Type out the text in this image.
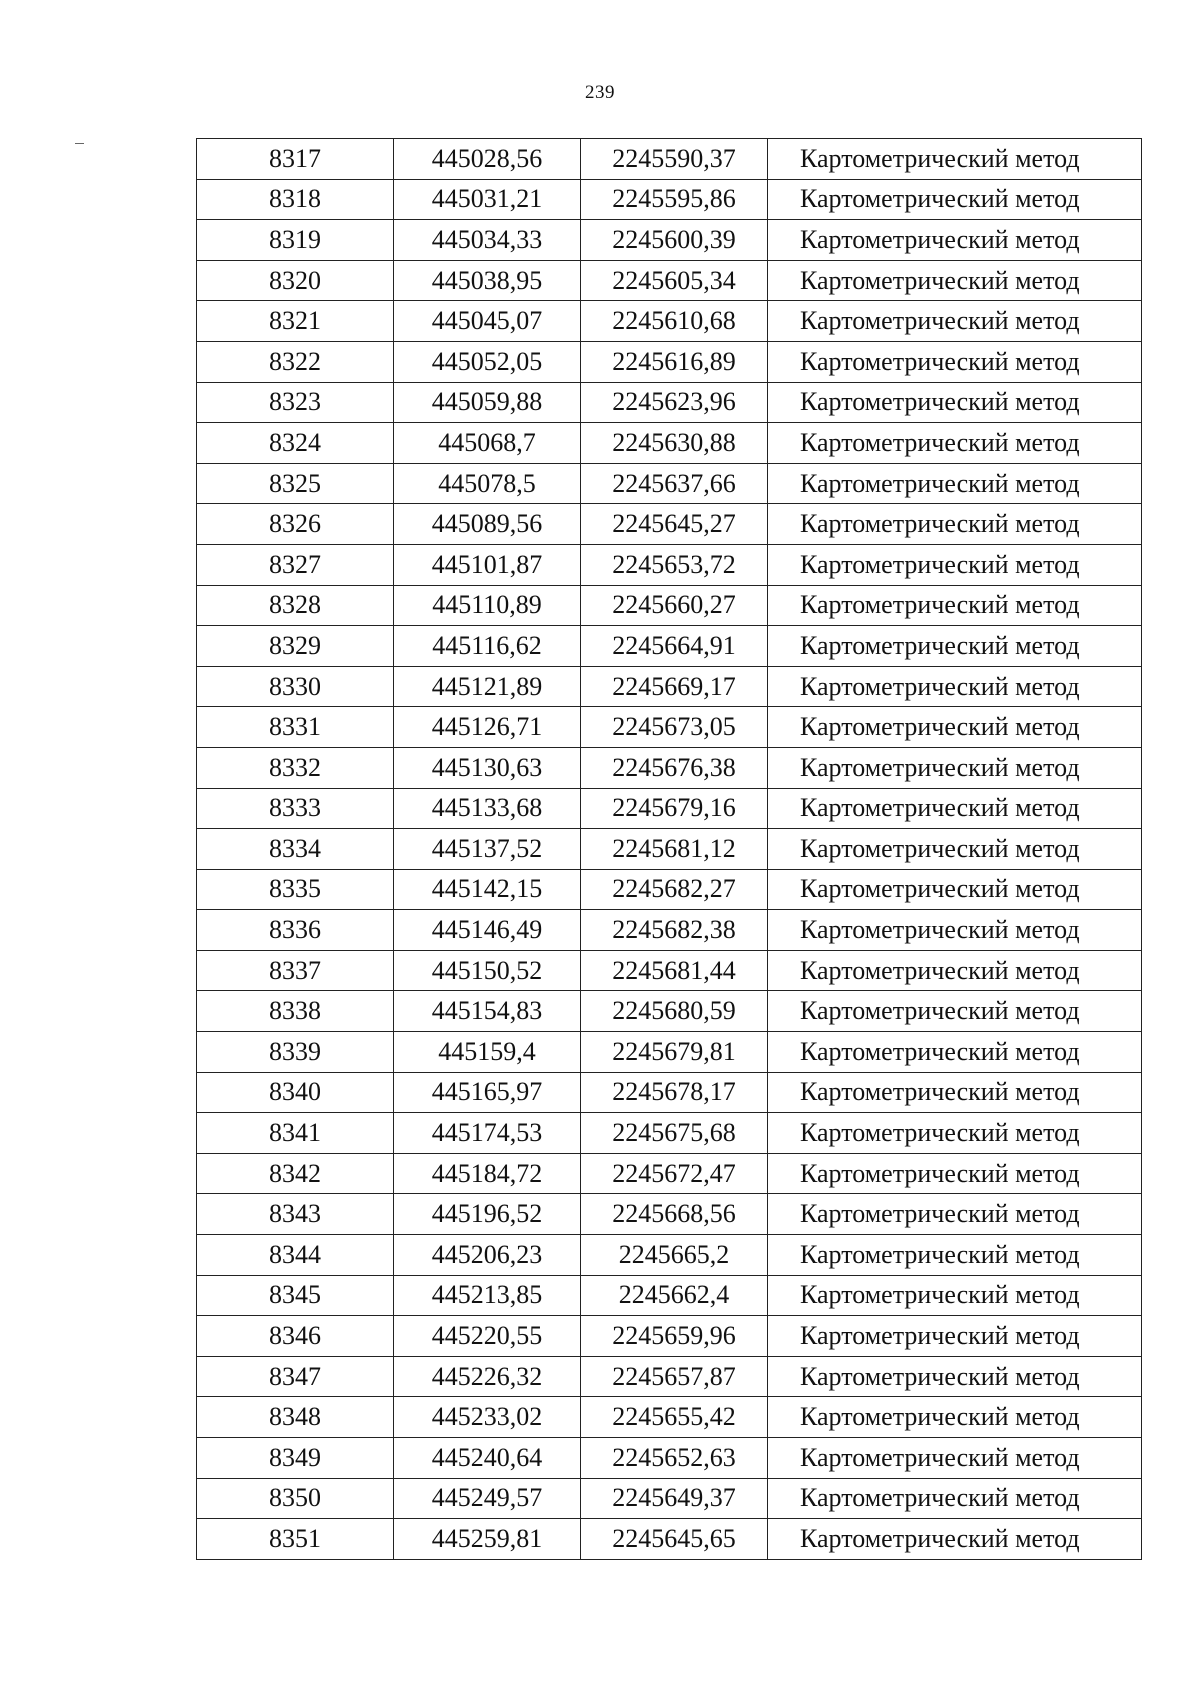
239
8317	445028,56	2245590,37	Картометрический метод
8318	445031,21	2245595,86	Картометрический метод
8319	445034,33	2245600,39	Картометрический метод
8320	445038,95	2245605,34	Картометрический метод
8321	445045,07	2245610,68	Картометрический метод
8322	445052,05	2245616,89	Картометрический метод
8323	445059,88	2245623,96	Картометрический метод
8324	445068,7	2245630,88	Картометрический метод
8325	445078,5	2245637,66	Картометрический метод
8326	445089,56	2245645,27	Картометрический метод
8327	445101,87	2245653,72	Картометрический метод
8328	445110,89	2245660,27	Картометрический метод
8329	445116,62	2245664,91	Картометрический метод
8330	445121,89	2245669,17	Картометрический метод
8331	445126,71	2245673,05	Картометрический метод
8332	445130,63	2245676,38	Картометрический метод
8333	445133,68	2245679,16	Картометрический метод
8334	445137,52	2245681,12	Картометрический метод
8335	445142,15	2245682,27	Картометрический метод
8336	445146,49	2245682,38	Картометрический метод
8337	445150,52	2245681,44	Картометрический метод
8338	445154,83	2245680,59	Картометрический метод
8339	445159,4	2245679,81	Картометрический метод
8340	445165,97	2245678,17	Картометрический метод
8341	445174,53	2245675,68	Картометрический метод
8342	445184,72	2245672,47	Картометрический метод
8343	445196,52	2245668,56	Картометрический метод
8344	445206,23	2245665,2	Картометрический метод
8345	445213,85	2245662,4	Картометрический метод
8346	445220,55	2245659,96	Картометрический метод
8347	445226,32	2245657,87	Картометрический метод
8348	445233,02	2245655,42	Картометрический метод
8349	445240,64	2245652,63	Картометрический метод
8350	445249,57	2245649,37	Картометрический метод
8351	445259,81	2245645,65	Картометрический метод
